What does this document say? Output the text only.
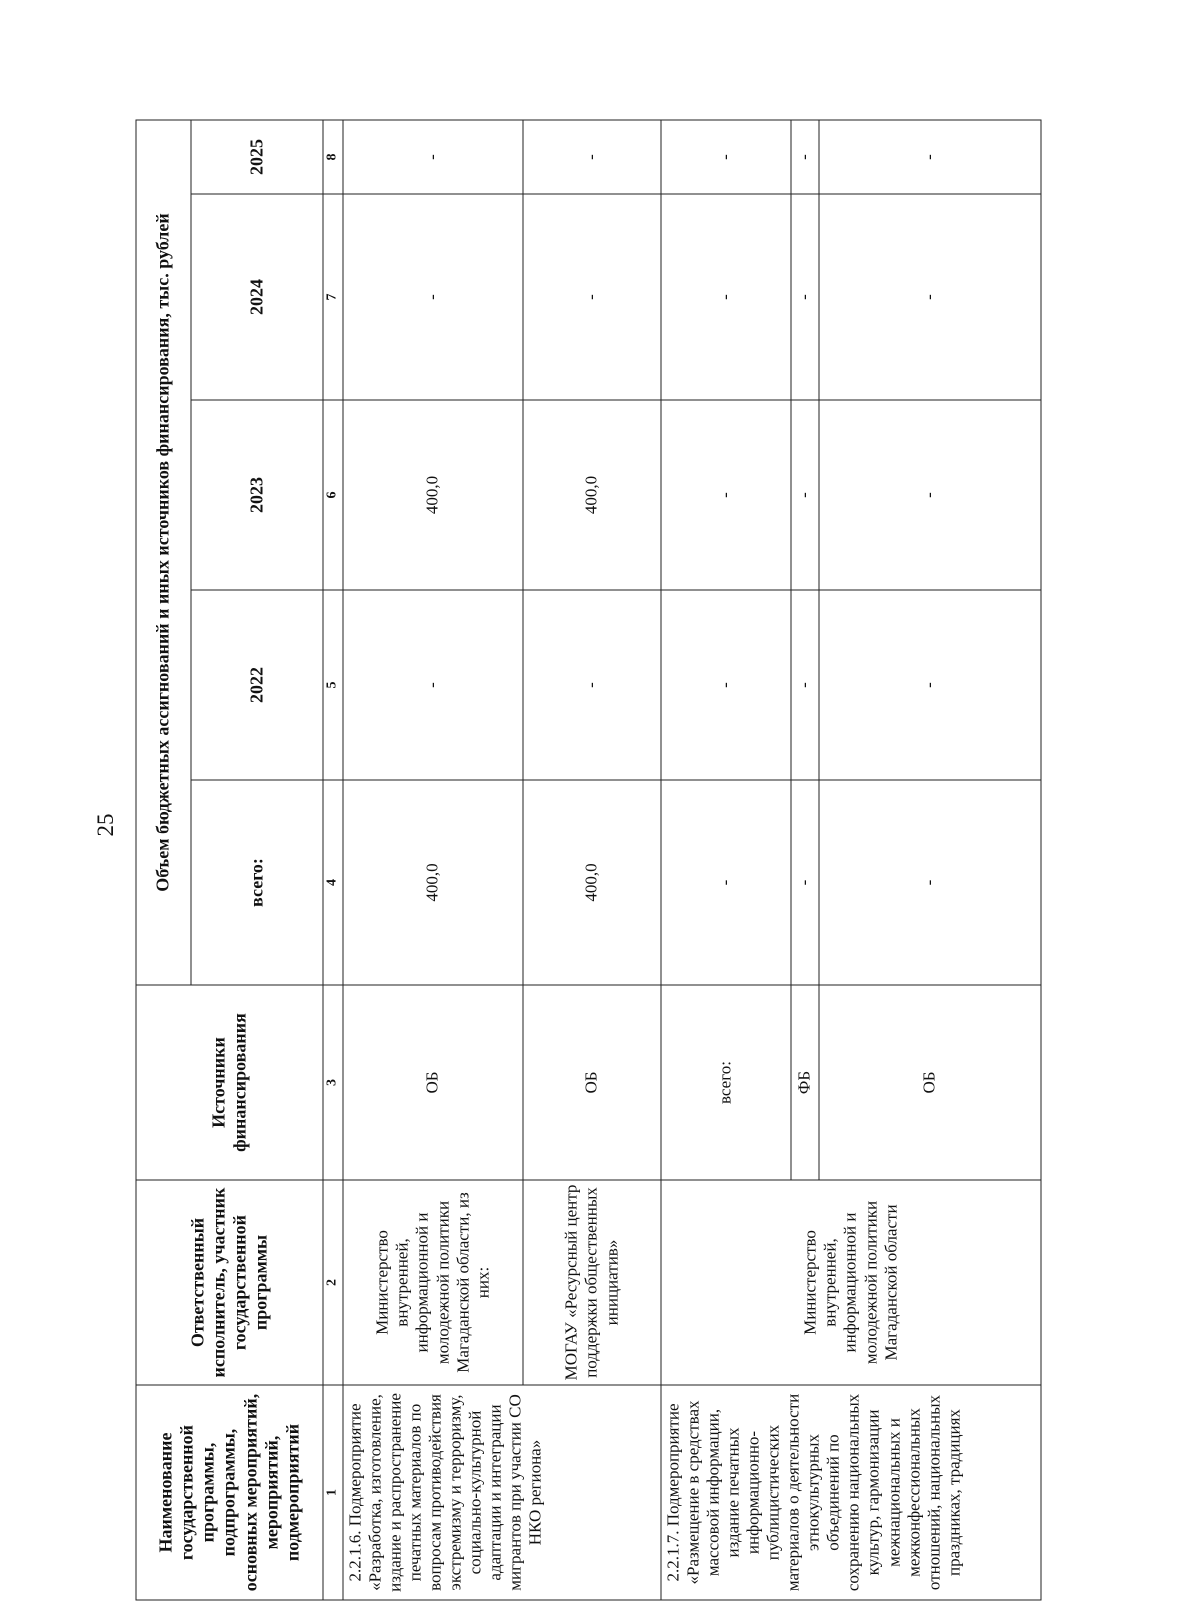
25
Наименование государственной программы, подпрограммы, основных мероприятий, мероприятий, подмероприятий	Ответственный исполнитель, участник государственной программы	Источники финансирования	Объем бюджетных ассигнований и иных источников финансирования, тыс. рублей				
			всего:	2022	2023	2024	2025
1	2	3	4	5	6	7	8
2.2.1.6. Подмероприятие «Разработка, изготовление, издание и распространение печатных материалов по вопросам противодействия экстремизму и терроризму, социально-культурной адаптации и интеграции мигрантов при участии СО НКО региона»	Министерство внутренней, информационной и молодежной политики Магаданской области, из них:	ОБ	400,0	-	400,0	-	-
	МОГАУ «Ресурсный центр поддержки общественных инициатив»	ОБ	400,0	-	400,0	-	-
2.2.1.7. Подмероприятие «Размещение в средствах массовой информации, издание печатных информационно-публицистических материалов о деятельности этнокультурных объединений по сохранению национальных культур, гармонизации межнациональных и межконфессиональных отношений, национальных праздниках, традициях	Министерство внутренней, информационной и молодежной политики Магаданской области	всего:	-	-	-	-	-
		ФБ	-	-	-	-	-
		ОБ	-	-	-	-	-
